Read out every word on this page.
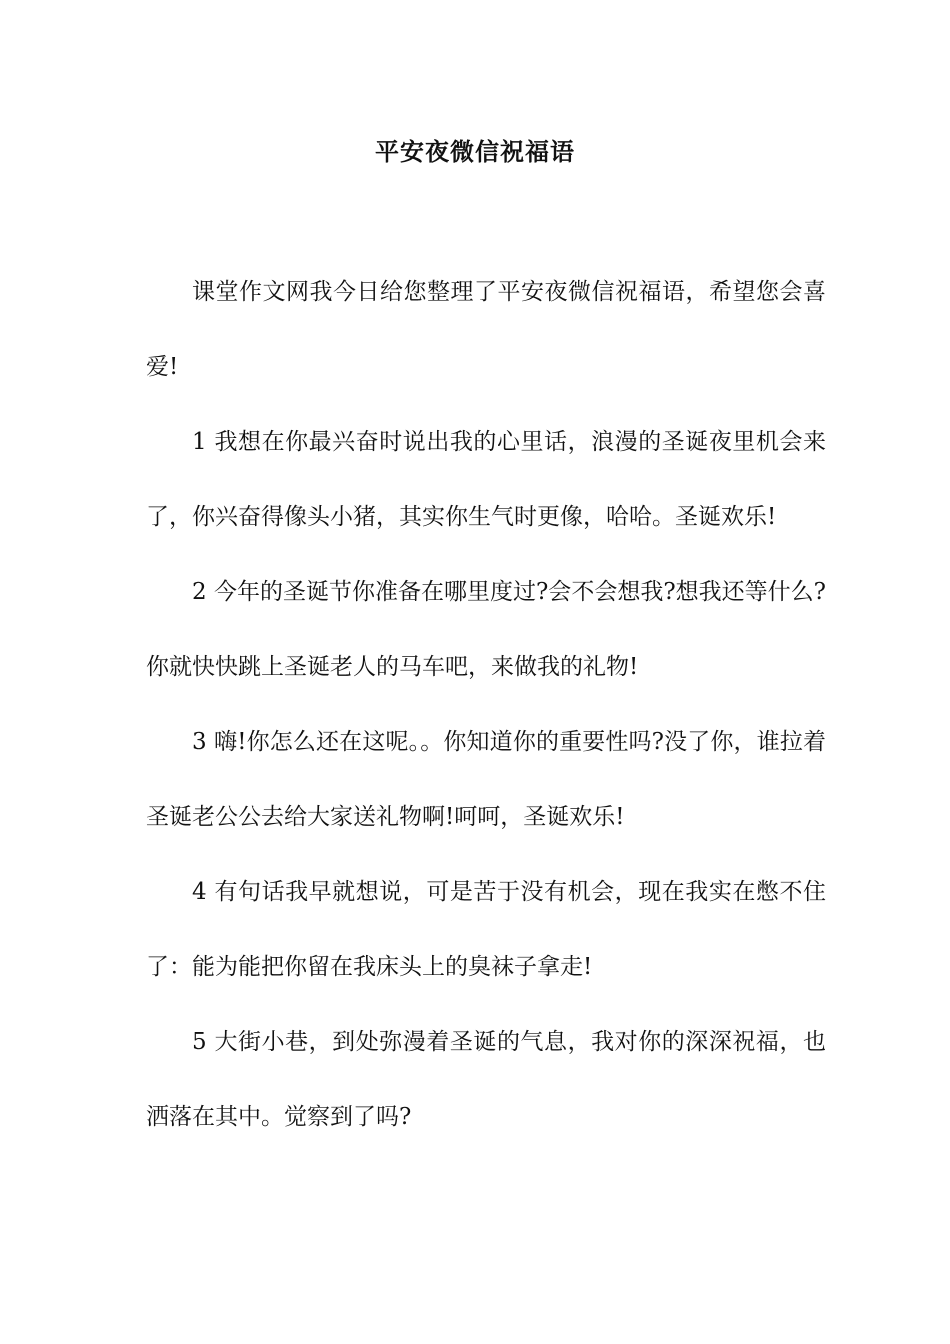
平安夜微信祝福语

课堂作文网我今日给您整理了平安夜微信祝福语，希望您会喜爱!

1 我想在你最兴奋时说出我的心里话，浪漫的圣诞夜里机会来了，你兴奋得像头小猪，其实你生气时更像，哈哈。圣诞欢乐!

2 今年的圣诞节你准备在哪里度过?会不会想我?想我还等什么?你就快快跳上圣诞老人的马车吧，来做我的礼物!

3 嗨!你怎么还在这呢。。你知道你的重要性吗?没了你，谁拉着圣诞老公公去给大家送礼物啊!呵呵，圣诞欢乐!

4 有句话我早就想说，可是苦于没有机会，现在我实在憋不住了：能为能把你留在我床头上的臭袜子拿走!

5 大街小巷，到处弥漫着圣诞的气息，我对你的深深祝福，也洒落在其中。觉察到了吗?
